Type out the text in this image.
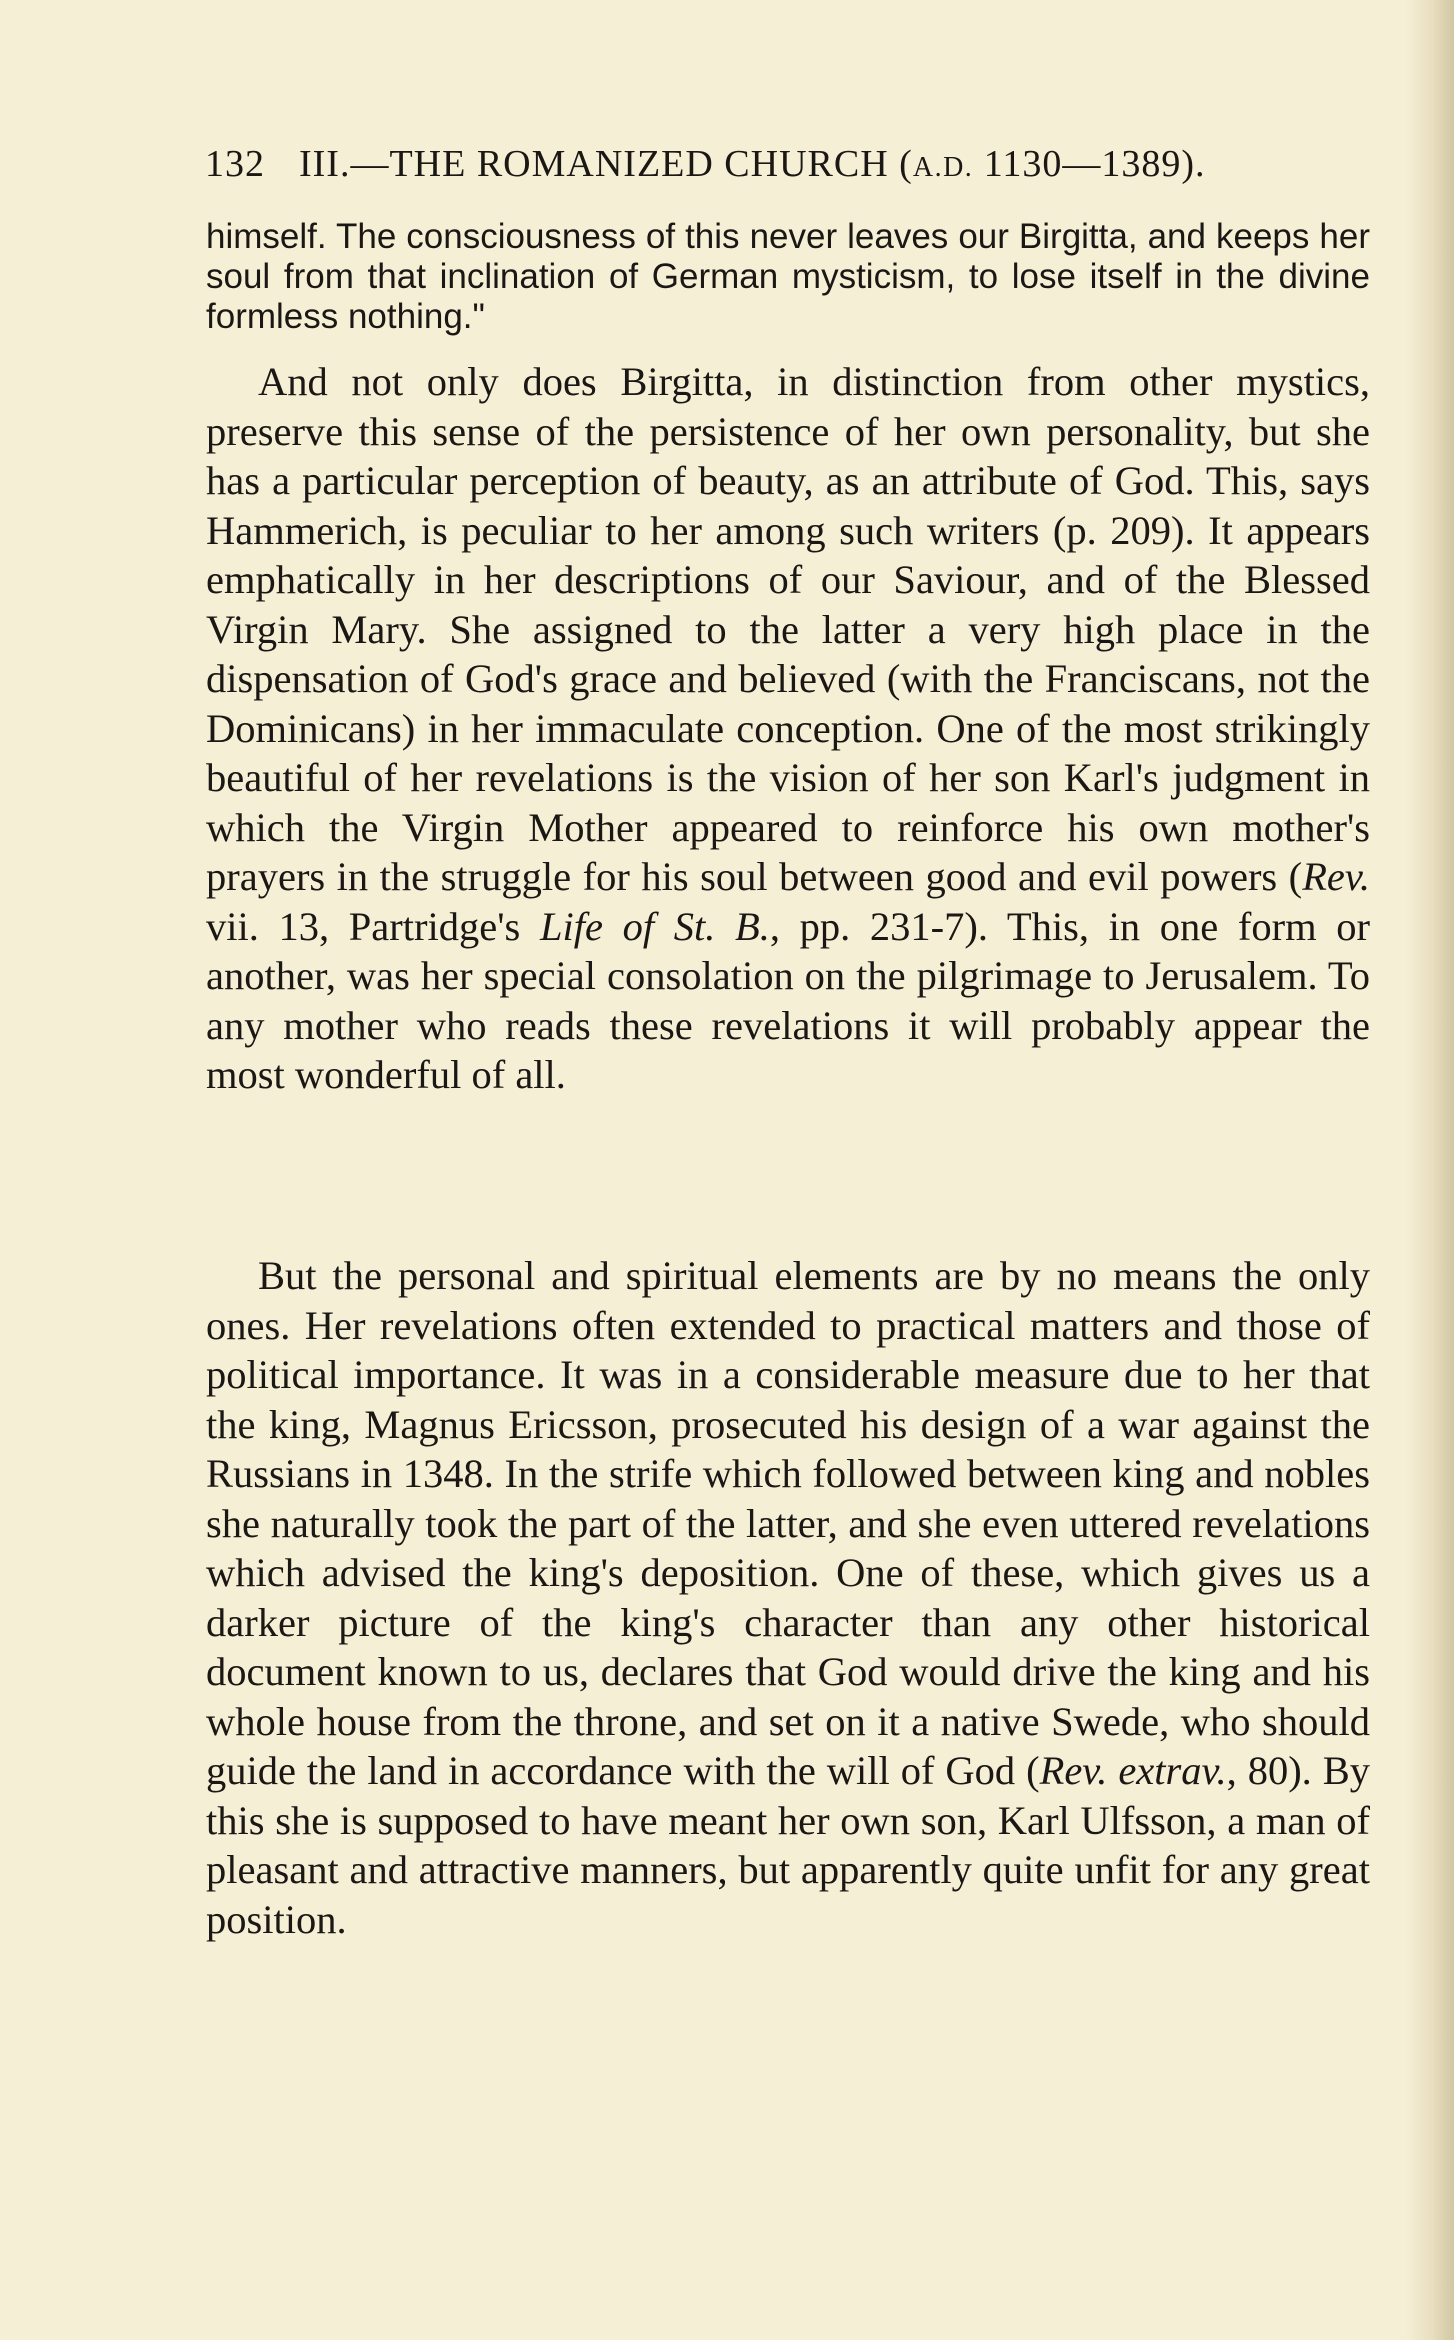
132 III.—THE ROMANIZED CHURCH (A.D. 1130—1389).
himself. The consciousness of this never leaves our Birgitta, and keeps her soul from that inclination of German mysticism, to lose itself in the divine formless nothing."

And not only does Birgitta, in distinction from other mystics, preserve this sense of the persistence of her own personality, but she has a particular perception of beauty, as an attribute of God. This, says Hammerich, is peculiar to her among such writers (p. 209). It appears emphatically in her descriptions of our Saviour, and of the Blessed Virgin Mary. She assigned to the latter a very high place in the dispensation of God's grace and believed (with the Franciscans, not the Dominicans) in her immaculate conception. One of the most strikingly beautiful of her revelations is the vision of her son Karl's judgment in which the Virgin Mother appeared to reinforce his own mother's prayers in the struggle for his soul between good and evil powers (Rev. vii. 13, Partridge's Life of St. B., pp. 231-7). This, in one form or another, was her special consolation on the pilgrimage to Jerusalem. To any mother who reads these revelations it will probably appear the most wonderful of all.

But the personal and spiritual elements are by no means the only ones. Her revelations often extended to practical matters and those of political importance. It was in a considerable measure due to her that the king, Magnus Ericsson, prosecuted his design of a war against the Russians in 1348. In the strife which followed between king and nobles she naturally took the part of the latter, and she even uttered revelations which advised the king's deposition. One of these, which gives us a darker picture of the king's character than any other historical document known to us, declares that God would drive the king and his whole house from the throne, and set on it a native Swede, who should guide the land in accordance with the will of God (Rev. extrav., 80). By this she is supposed to have meant her own son, Karl Ulfsson, a man of pleasant and attractive manners, but apparently quite unfit for any great position.
